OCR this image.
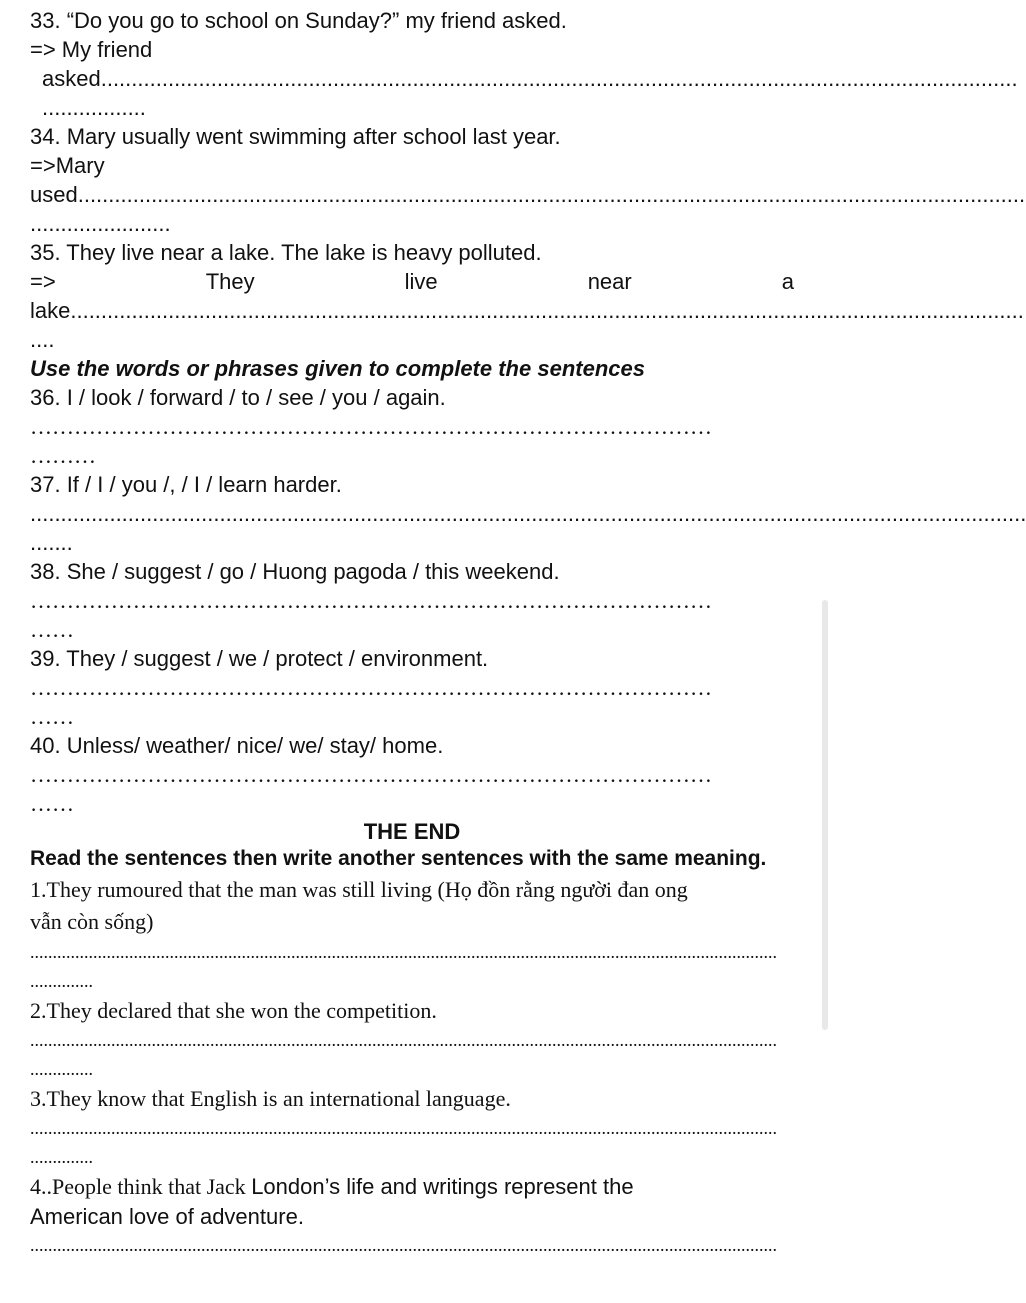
33. “Do you go to school on Sunday?” my friend asked.
=> My friend
asked......................................................................................................................................................
.................
34. Mary usually went swimming after school last year.
=>Mary
used...........................................................................................................................................................
.......................
35. They live near a lake. The lake is heavy polluted.
=>	They	live	near	a
lake............................................................................................................................................................
....
Use the words or phrases given to complete the sentences
36. I / look / forward / to / see / you / again.
…………………………………………………………………………………
………
37. If / I / you /, / I / learn harder.
...................................................................................................................................................................
.......
38. She / suggest / go / Huong pagoda / this weekend.
…………………………………………………………………………………
……
39. They / suggest / we / protect / environment.
…………………………………………………………………………………
……
40. Unless/ weather/ nice/ we/ stay/ home.
…………………………………………………………………………………
……
THE END
Read the sentences then write another sentences with the same meaning.
1.They rumoured that the man was still living (Họ đồn rằng người đan ong
vẫn còn sống)
......................................................................................................................................................................
..............
2.They declared that she won the competition.
......................................................................................................................................................................
..............
3.They know that English is an international language.
......................................................................................................................................................................
..............
4..People think that Jack London’s life and writings represent the
American love of adventure.
......................................................................................................................................................................
